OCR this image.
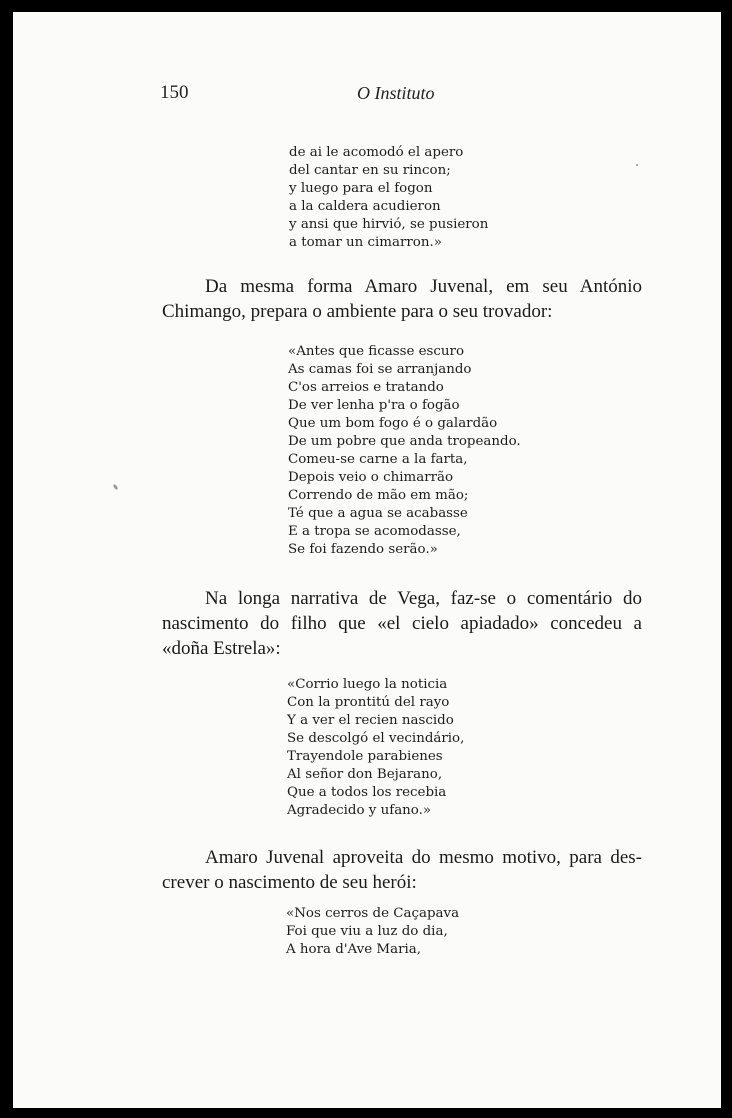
150	O Instituto
de ai le acomodó el apero
del cantar en su rincon;
y luego para el fogon
a la caldera acudieron
y ansi que hirvió, se pusieron
a tomar un cimarron.»
Da mesma forma Amaro Juvenal, em seu António
Chimango, prepara o ambiente para o seu trovador:
«Antes que ficasse escuro
As camas foi se arranjando
C'os arreios e tratando
De ver lenha p'ra o fogão
Que um bom fogo é o galardão
De um pobre que anda tropeando.
Comeu-se carne a la farta,
Depois veio o chimarrão
Correndo de mão em mão;
Té que a agua se acabasse
E a tropa se acomodasse,
Se foi fazendo serão.»
Na longa narrativa de Vega, faz-se o comentário do
nascimento do filho que «el cielo apiadado» concedeu a
«doña Estrela»:
«Corrio luego la noticia
Con la prontitú del rayo
Y a ver el recien nascido
Se descolgó el vecindário,
Trayendole parabienes
Al señor don Bejarano,
Que a todos los recebia
Agradecido y ufano.»
Amaro Juvenal aproveita do mesmo motivo, para des-
crever o nascimento de seu herói:
«Nos cerros de Caçapava
Foi que viu a luz do dia,
A hora d'Ave Maria,
